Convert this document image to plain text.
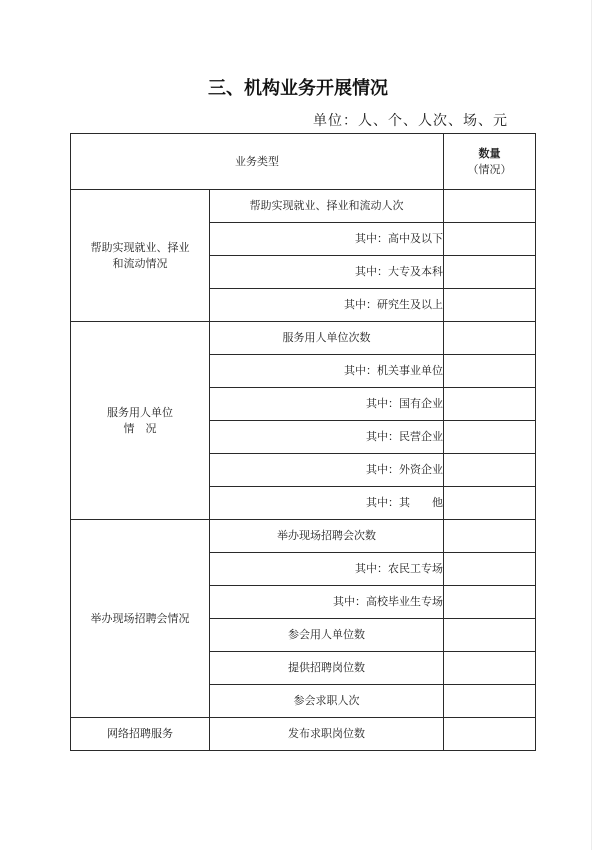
三、机构业务开展情况
单位：人、个、人次、场、元
业务类型		数量
（情况）

帮助实现就业、择业
和流动情况	帮助实现就业、择业和流动人次	
	其中：高中及以下	
	其中：大专及本科	
	其中：研究生及以上	

服务用人单位
情　况	服务用人单位次数	
	其中：机关事业单位	
	其中：国有企业	
	其中：民营企业	
	其中：外资企业	
	其中：其　　他	

举办现场招聘会情况	举办现场招聘会次数	
	其中：农民工专场	
	其中：高校毕业生专场	
	参会用人单位数	
	提供招聘岗位数	
	参会求职人次	

网络招聘服务	发布求职岗位数	
